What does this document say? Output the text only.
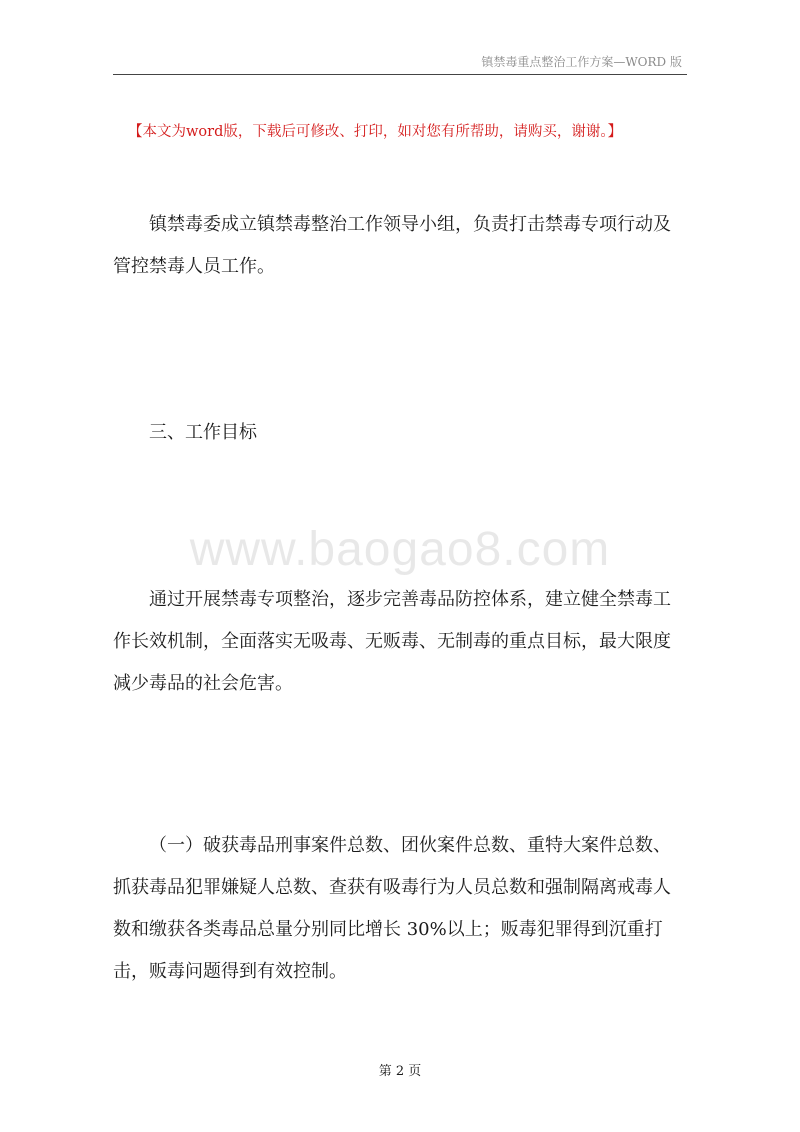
镇禁毒重点整治工作方案—WORD 版
【本文为word版，下载后可修改、打印，如对您有所帮助，请购买，谢谢。】

镇禁毒委成立镇禁毒整治工作领导小组，负责打击禁毒专项行动及管控禁毒人员工作。

三、工作目标

www.baogao8.com

通过开展禁毒专项整治，逐步完善毒品防控体系，建立健全禁毒工作长效机制，全面落实无吸毒、无贩毒、无制毒的重点目标，最大限度减少毒品的社会危害。

（一）破获毒品刑事案件总数、团伙案件总数、重特大案件总数、抓获毒品犯罪嫌疑人总数、查获有吸毒行为人员总数和强制隔离戒毒人数和缴获各类毒品总量分别同比增长 30%以上；贩毒犯罪得到沉重打击，贩毒问题得到有效控制。

第 2 页
